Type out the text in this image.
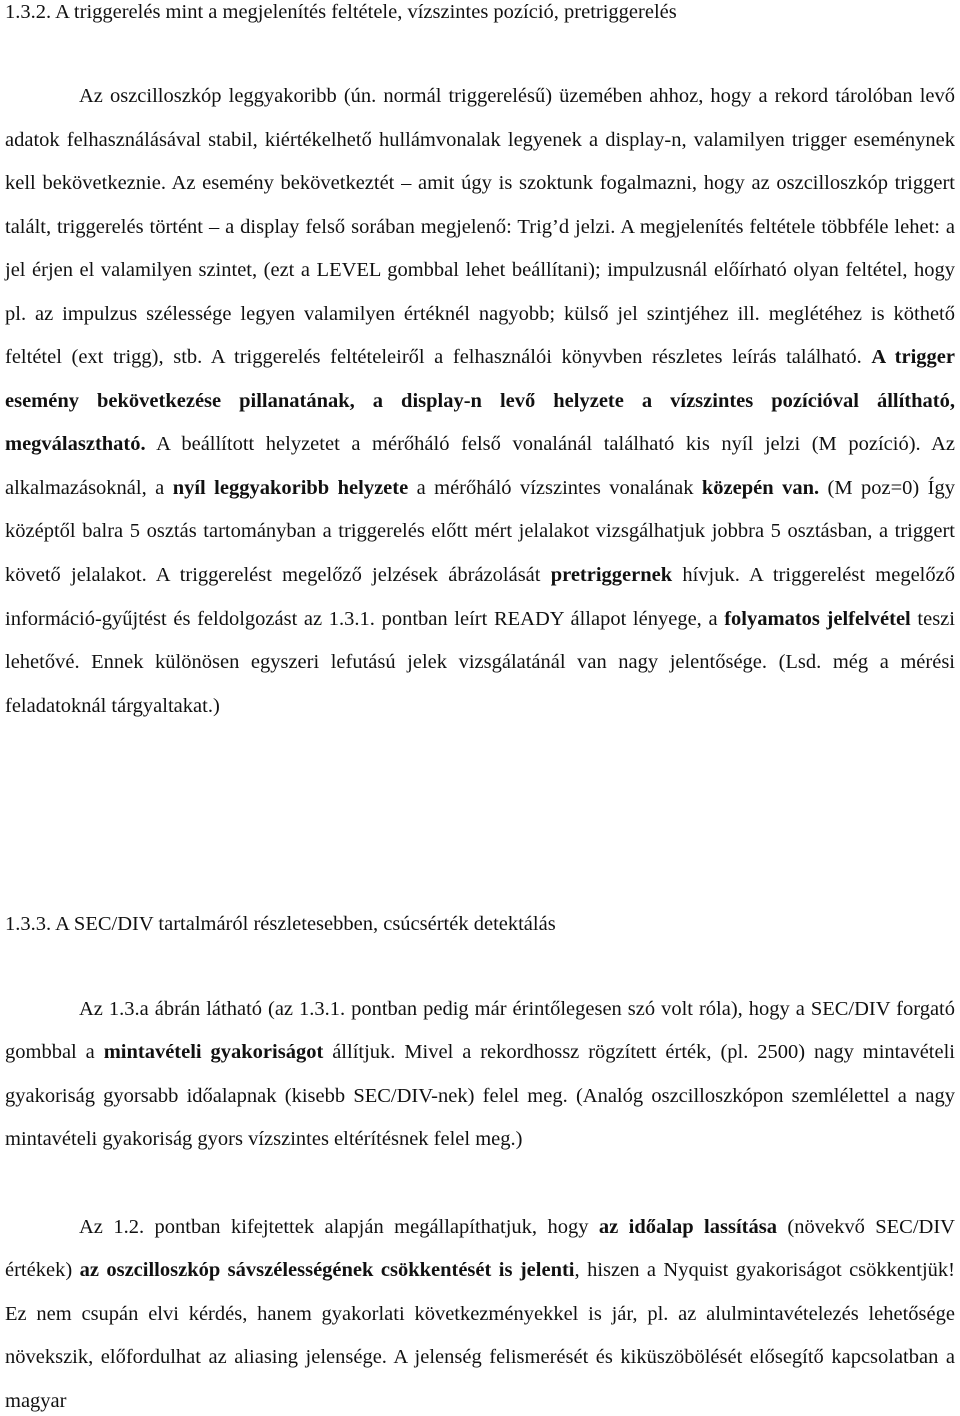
1.3.2. A triggerelés mint a megjelenítés feltétele, vízszintes pozíció, pretriggerelés

Az oszcilloszkóp leggyakoribb (ún. normál triggerelésű) üzemében ahhoz, hogy a rekord tárolóban levő adatok felhasználásával stabil, kiértékelhető hullámvonalak legyenek a display-n, valamilyen trigger eseménynek kell bekövetkeznie. Az esemény bekövetkeztét – amit úgy is szoktunk fogalmazni, hogy az oszcilloszkóp triggert talált, triggerelés történt – a display felső sorában megjelenő: Trig’d jelzi. A megjelenítés feltétele többféle lehet: a jel érjen el valamilyen szintet, (ezt a LEVEL gombbal lehet beállítani); impulzusnál előírható olyan feltétel, hogy pl. az impulzus szélessége legyen valamilyen értéknél nagyobb; külső jel szintjéhez ill. meglétéhez is köthető feltétel (ext trigg), stb. A triggerelés feltételeiről a felhasználói könyvben részletes leírás található. A trigger esemény bekövetkezése pillanatának, a display-n levő helyzete a vízszintes pozícióval állítható, megválasztható. A beállított helyzetet a mérőháló felső vonalánál található kis nyíl jelzi (M pozíció). Az alkalmazásoknál, a nyíl leggyakoribb helyzete a mérőháló vízszintes vonalának közepén van. (M poz=0) Így középtől balra 5 osztás tartományban a triggerelés előtt mért jelalakot vizsgálhatjuk jobbra 5 osztásban, a triggert követő jelalakot. A triggerelést megelőző jelzések ábrázolását pretriggernek hívjuk. A triggerelést megelőző információ-gyűjtést és feldolgozást az 1.3.1. pontban leírt READY állapot lényege, a folyamatos jelfelvétel teszi lehetővé. Ennek különösen egyszeri lefutású jelek vizsgálatánál van nagy jelentősége. (Lsd. még a mérési feladatoknál tárgyaltakat.)

1.3.3. A SEC/DIV tartalmáról részletesebben, csúcsérték detektálás

Az 1.3.a ábrán látható (az 1.3.1. pontban pedig már érintőlegesen szó volt róla), hogy a SEC/DIV forgató gombbal a mintavételi gyakoriságot állítjuk. Mivel a rekordhossz rögzített érték, (pl. 2500) nagy mintavételi gyakoriság gyorsabb időalapnak (kisebb SEC/DIV-nek) felel meg. (Analóg oszcilloszkópon szemlélettel a nagy mintavételi gyakoriság gyors vízszintes eltérítésnek felel meg.)

Az 1.2. pontban kifejtettek alapján megállapíthatjuk, hogy az időalap lassítása (növekvő SEC/DIV értékek) az oszcilloszkóp sávszélességének csökkentését is jelenti, hiszen a Nyquist gyakoriságot csökkentjük! Ez nem csupán elvi kérdés, hanem gyakorlati következményekkel is jár, pl. az alulmintavételezés lehetősége növekszik, előfordulhat az aliasing jelensége. A jelenség felismerését és kiküszöbölését elősegítő kapcsolatban a magyar
